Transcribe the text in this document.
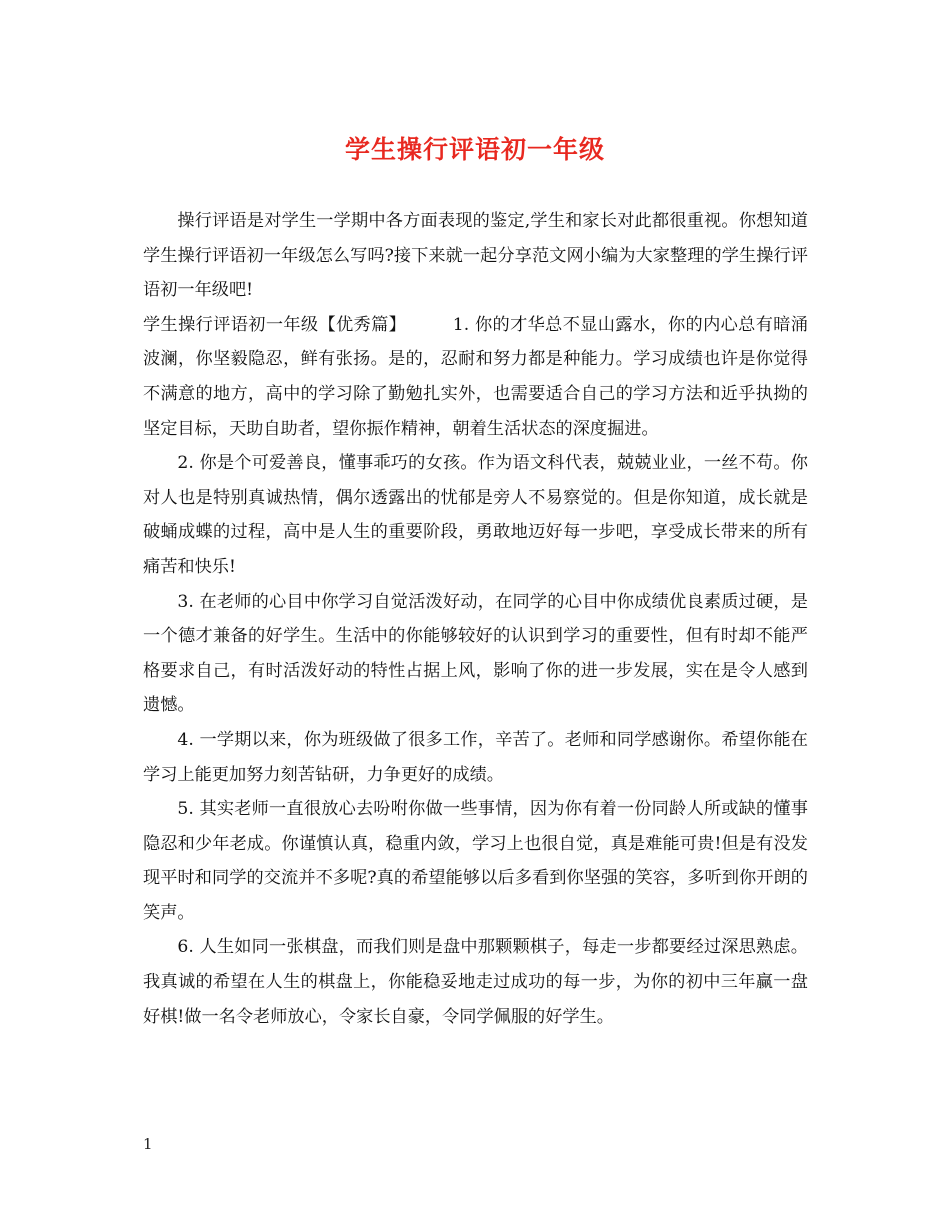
学生操行评语初一年级

操行评语是对学生一学期中各方面表现的鉴定,学生和家长对此都很重视。你想知道学生操行评语初一年级怎么写吗?接下来就一起分享范文网小编为大家整理的学生操行评语初一年级吧!

学生操行评语初一年级【优秀篇】	1. 你的才华总不显山露水，你的内心总有暗涌波澜，你坚毅隐忍，鲜有张扬。是的，忍耐和努力都是种能力。学习成绩也许是你觉得不满意的地方，高中的学习除了勤勉扎实外，也需要适合自己的学习方法和近乎执拗的坚定目标，天助自助者，望你振作精神，朝着生活状态的深度掘进。

2. 你是个可爱善良，懂事乖巧的女孩。作为语文科代表，兢兢业业，一丝不苟。你对人也是特别真诚热情，偶尔透露出的忧郁是旁人不易察觉的。但是你知道，成长就是破蛹成蝶的过程，高中是人生的重要阶段，勇敢地迈好每一步吧，享受成长带来的所有痛苦和快乐!

3. 在老师的心目中你学习自觉活泼好动，在同学的心目中你成绩优良素质过硬，是一个德才兼备的好学生。生活中的你能够较好的认识到学习的重要性，但有时却不能严格要求自己，有时活泼好动的特性占据上风，影响了你的进一步发展，实在是令人感到遗憾。

4. 一学期以来，你为班级做了很多工作，辛苦了。老师和同学感谢你。希望你能在学习上能更加努力刻苦钻研，力争更好的成绩。

5. 其实老师一直很放心去吩咐你做一些事情，因为你有着一份同龄人所或缺的懂事隐忍和少年老成。你谨慎认真，稳重内敛，学习上也很自觉，真是难能可贵!但是有没发现平时和同学的交流并不多呢?真的希望能够以后多看到你坚强的笑容，多听到你开朗的笑声。

6. 人生如同一张棋盘，而我们则是盘中那颗颗棋子，每走一步都要经过深思熟虑。我真诚的希望在人生的棋盘上，你能稳妥地走过成功的每一步，为你的初中三年赢一盘好棋!做一名令老师放心，令家长自豪，令同学佩服的好学生。

1
